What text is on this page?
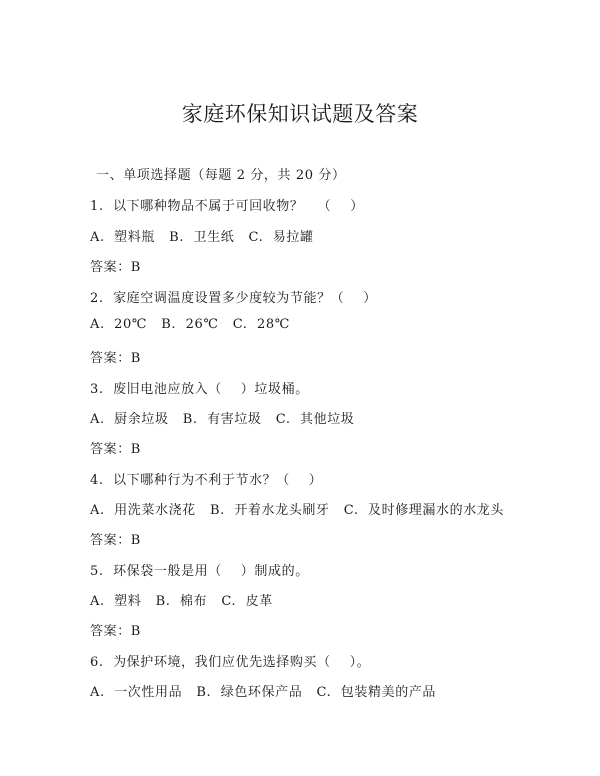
家庭环保知识试题及答案
一、单项选择题（每题 2 分，共 20 分）
1.  以下哪种物品不属于可回收物？   （    ）
A.  塑料瓶   B.  卫生纸   C.  易拉罐
答案：B
2.  家庭空调温度设置多少度较为节能？（    ）
A.  20℃   B.  26℃   C.  28℃
答案：B
3.  废旧电池应放入（    ）垃圾桶。
A.  厨余垃圾   B.  有害垃圾   C.  其他垃圾
答案：B
4.  以下哪种行为不利于节水？（    ）
A.  用洗菜水浇花   B.  开着水龙头刷牙   C.  及时修理漏水的水龙头
答案：B
5.  环保袋一般是用（    ）制成的。
A.  塑料   B.  棉布   C.  皮革
答案：B
6.  为保护环境，我们应优先选择购买（    ）。
A.  一次性用品   B.  绿色环保产品   C.  包装精美的产品
